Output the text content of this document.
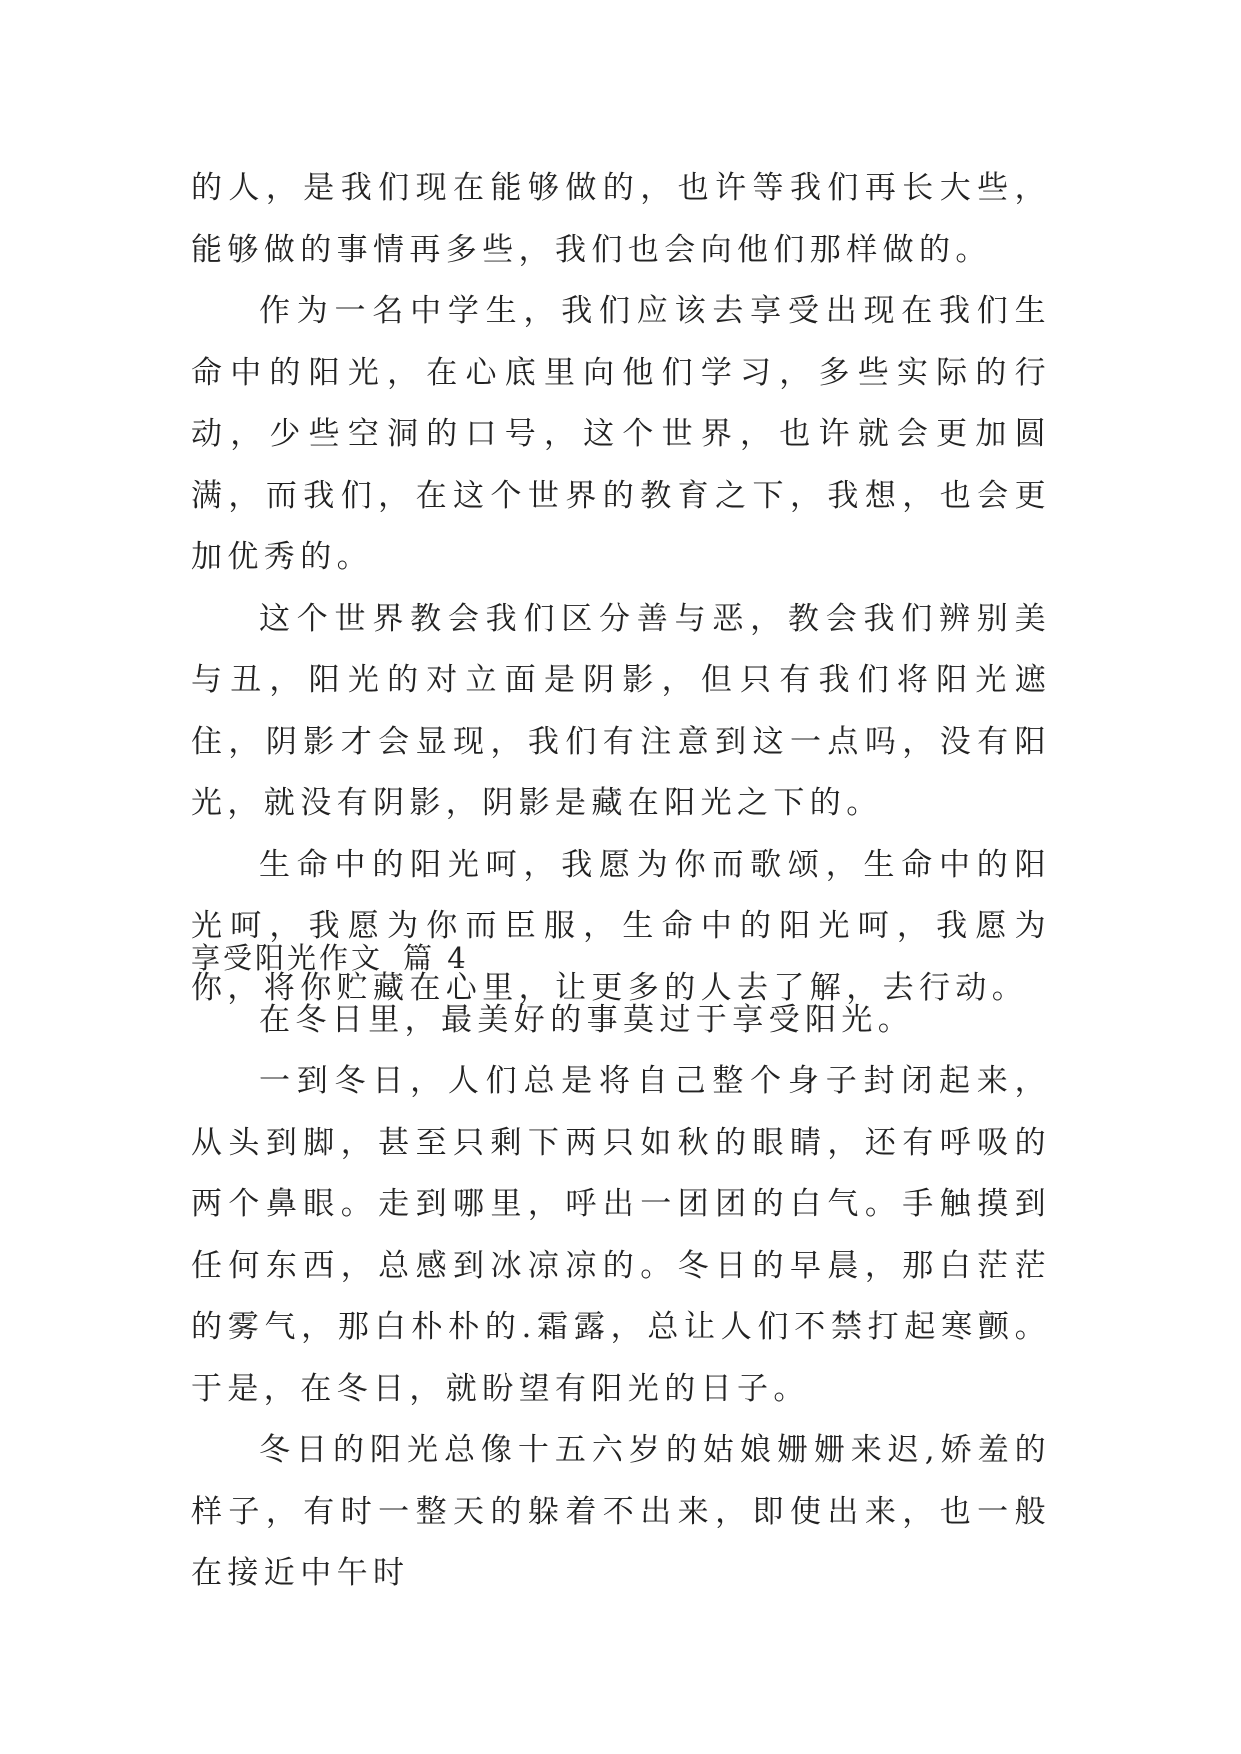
的人，是我们现在能够做的，也许等我们再长大些，能够做的事情再多些，我们也会向他们那样做的。

作为一名中学生，我们应该去享受出现在我们生命中的阳光，在心底里向他们学习，多些实际的行动，少些空洞的口号，这个世界，也许就会更加圆满，而我们，在这个世界的教育之下，我想，也会更加优秀的。

这个世界教会我们区分善与恶，教会我们辨别美与丑，阳光的对立面是阴影，但只有我们将阳光遮住，阴影才会显现，我们有注意到这一点吗，没有阳光，就没有阴影，阴影是藏在阳光之下的。

生命中的阳光呵，我愿为你而歌颂，生命中的阳光呵，我愿为你而臣服，生命中的阳光呵，我愿为你，将你贮藏在心里，让更多的人去了解，去行动。

享受阳光作文 篇 4

在冬日里，最美好的事莫过于享受阳光。

一到冬日，人们总是将自己整个身子封闭起来，从头到脚，甚至只剩下两只如秋的眼睛，还有呼吸的两个鼻眼。走到哪里，呼出一团团的白气。手触摸到任何东西，总感到冰凉凉的。冬日的早晨，那白茫茫的雾气，那白朴朴的.霜露，总让人们不禁打起寒颤。于是，在冬日，就盼望有阳光的日子。

冬日的阳光总像十五六岁的姑娘姗姗来迟,娇羞的样子，有时一整天的躲着不出来，即使出来，也一般在接近中午时
